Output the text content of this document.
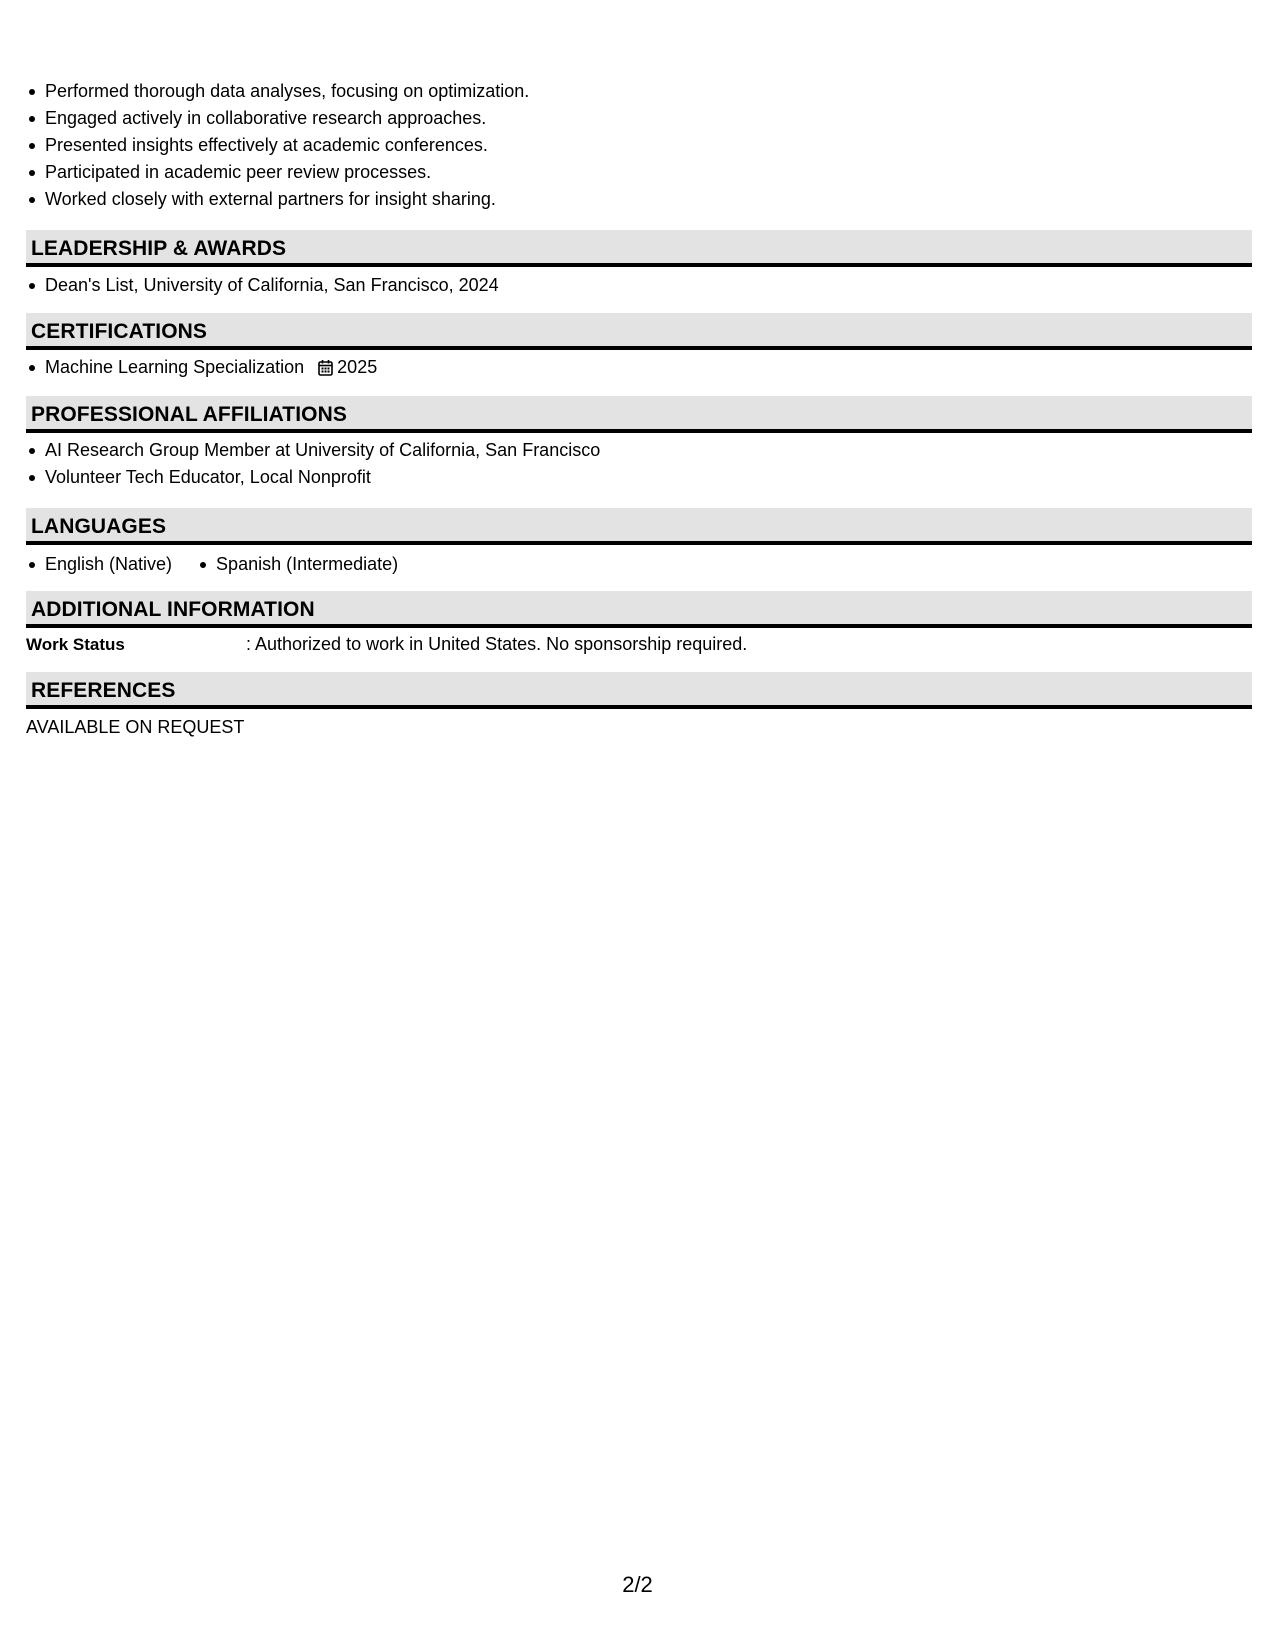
Performed thorough data analyses, focusing on optimization.
Engaged actively in collaborative research approaches.
Presented insights effectively at academic conferences.
Participated in academic peer review processes.
Worked closely with external partners for insight sharing.
LEADERSHIP & AWARDS
Dean's List, University of California, San Francisco, 2024
CERTIFICATIONS
Machine Learning Specialization 2025
PROFESSIONAL AFFILIATIONS
AI Research Group Member at University of California, San Francisco
Volunteer Tech Educator, Local Nonprofit
LANGUAGES
English (Native) Spanish (Intermediate)
ADDITIONAL INFORMATION
Work Status	: Authorized to work in United States. No sponsorship required.
REFERENCES
AVAILABLE ON REQUEST
2/2
